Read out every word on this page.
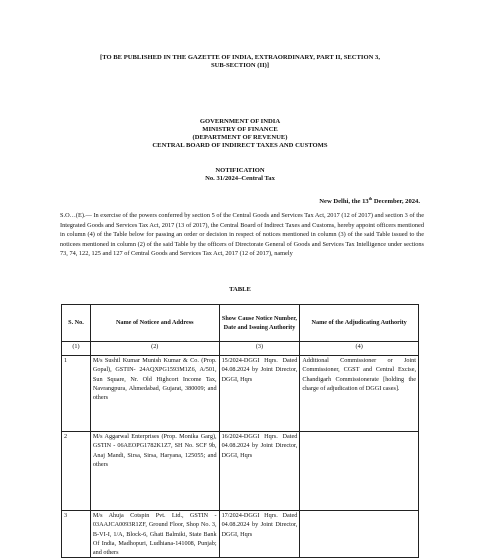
[TO BE PUBLISHED IN THE GAZETTE OF INDIA, EXTRAORDINARY, PART II, SECTION 3,
SUB-SECTION (II)]
GOVERNMENT OF INDIA
MINISTRY OF FINANCE
(DEPARTMENT OF REVENUE)
CENTRAL BOARD OF INDIRECT TAXES AND CUSTOMS
NOTIFICATION
No. 31/2024–Central Tax
New Delhi, the 13th December, 2024.

S.O…(E).— In exercise of the powers conferred by section 5 of the Central Goods and Services Tax Act, 2017 (12 of 2017) and section 3 of the Integrated Goods and Services Tax Act, 2017 (13 of 2017), the Central Board of Indirect Taxes and Customs, hereby appoint officers mentioned in column (4) of the Table below for passing an order or decision in respect of notices mentioned in column (3) of the said Table issued to the noticees mentioned in column (2) of the said Table by the officers of Directorate General of Goods and Services Tax Intelligence under sections 73, 74, 122, 125 and 127 of Central Goods and Services Tax Act, 2017 (12 of 2017), namely

TABLE
S. No.	Name of Noticee and Address	Show Cause Notice Number, Date and Issuing Authority	Name of the Adjudicating Authority
(1)	(2)	(3)	(4)
1	M/s Sushil Kumar Munish Kumar & Co. (Prop. Gopal), GSTIN- 24AQXPG1593M1Z6, A/501, Sun Square, Nr. Old Highcort Income Tax, Navrangpura, Ahmedabad, Gujarat, 380009; and others	15/2024-DGGI Hqrs. Dated 04.08.2024 by Joint Director, DGGI, Hqrs	Additional Commissioner or Joint Commissioner, CGST and Central Excise, Chandigarh Commissionerate [holding the charge of adjudication of DGGI cases].
2	M/s Aggarwal Enterprises (Prop. Monika Garg), GSTIN - 06AEOPG1782K1Z7, SH No. SCF 9b, Anaj Mandi, Sirsa, Sirsa, Haryana, 125055; and others	16/2024-DGGI Hqrs. Dated 04.08.2024 by Joint Director, DGGI, Hqrs	
3	M/s Ahuja Cotspin Pvt. Ltd., GSTIN - 03AAJCA0093R1ZF, Ground Floor, Shop No. 3, B-VI-I, 1/A, Block-6, Ghati Balmiki, State Bank Of India, Madhopuri, Ludhiana-141008, Punjab; and others	17/2024-DGGI Hqrs. Dated 04.08.2024 by Joint Director, DGGI, Hqrs	
